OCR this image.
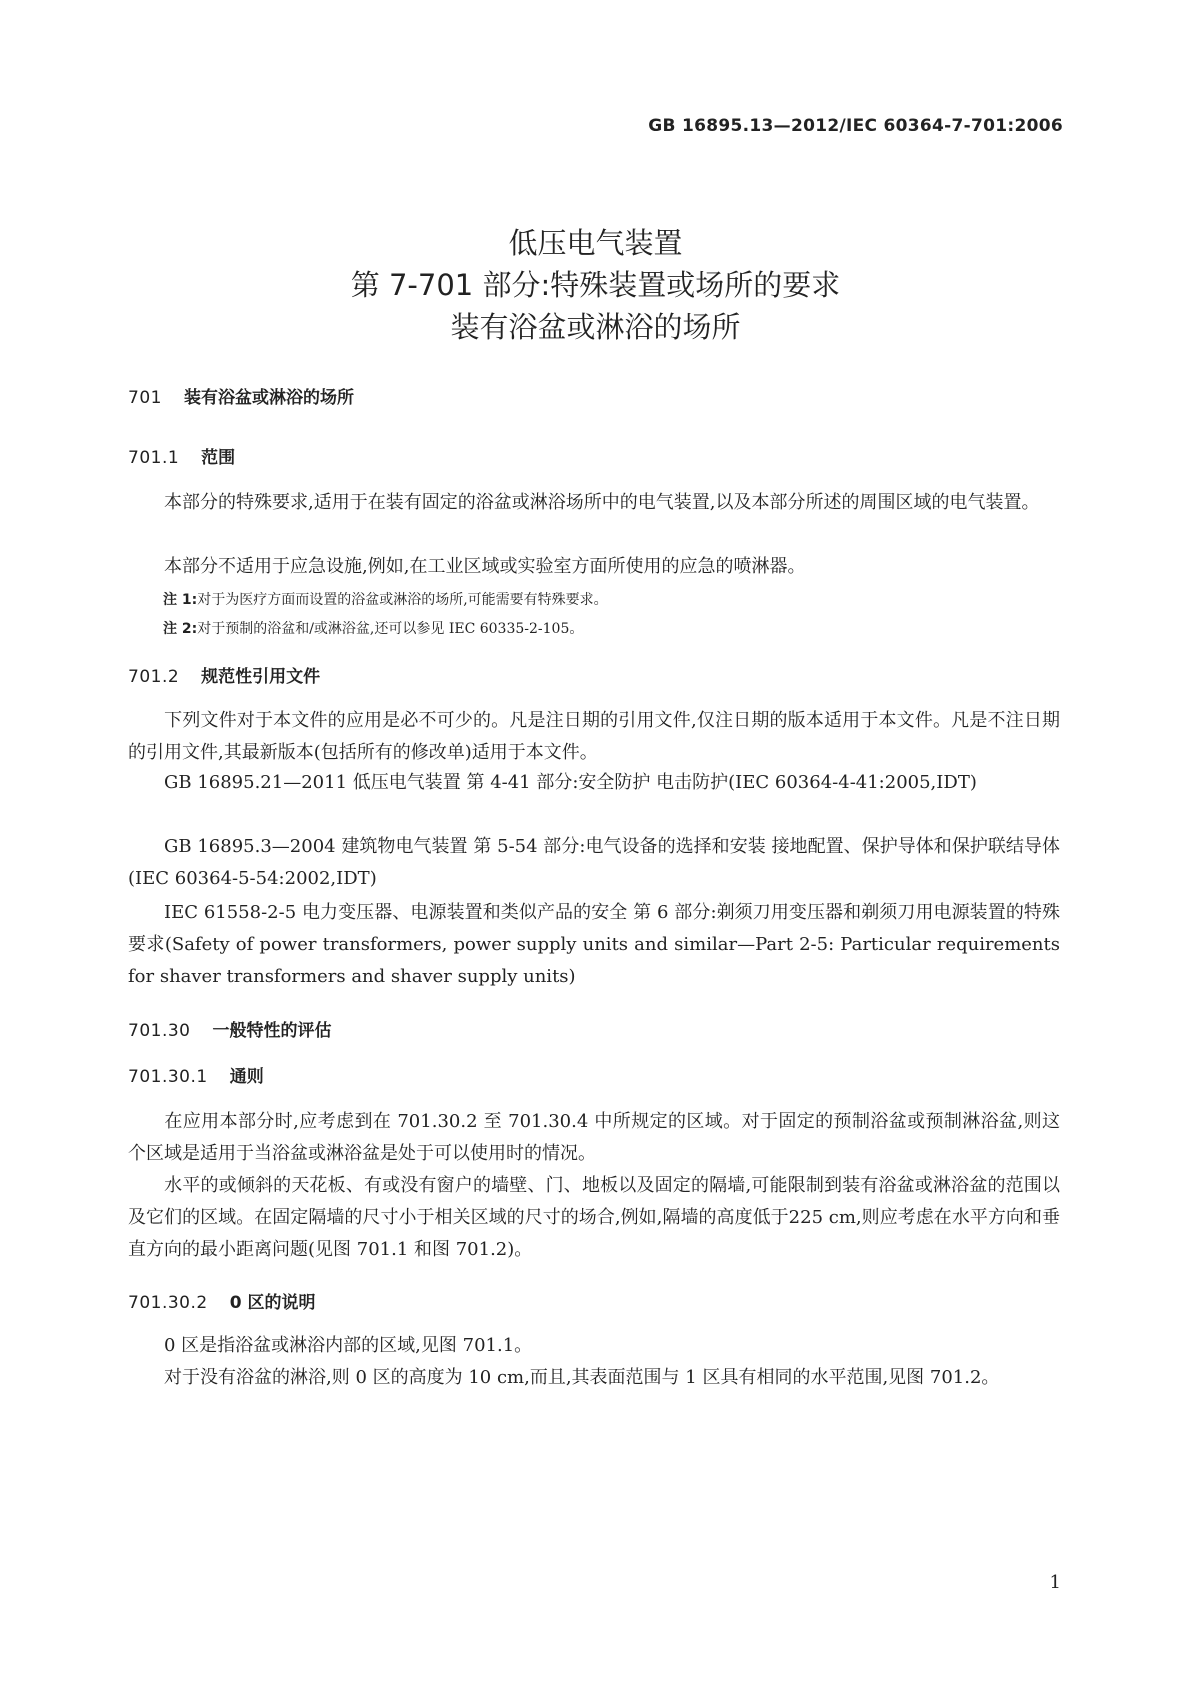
GB 16895.13—2012/IEC 60364-7-701:2006
低压电气装置
第 7-701 部分:特殊装置或场所的要求
装有浴盆或淋浴的场所
701 装有浴盆或淋浴的场所
701.1 范围
本部分的特殊要求,适用于在装有固定的浴盆或淋浴场所中的电气装置,以及本部分所述的周围区域的电气装置。
本部分不适用于应急设施,例如,在工业区域或实验室方面所使用的应急的喷淋器。
注 1:对于为医疗方面而设置的浴盆或淋浴的场所,可能需要有特殊要求。
注 2:对于预制的浴盆和/或淋浴盆,还可以参见 IEC 60335-2-105。
701.2 规范性引用文件
下列文件对于本文件的应用是必不可少的。凡是注日期的引用文件,仅注日期的版本适用于本文件。凡是不注日期的引用文件,其最新版本(包括所有的修改单)适用于本文件。
GB 16895.21—2011 低压电气装置 第 4-41 部分:安全防护 电击防护(IEC 60364-4-41:2005,IDT)
GB 16895.3—2004 建筑物电气装置 第 5-54 部分:电气设备的选择和安装 接地配置、保护导体和保护联结导体(IEC 60364-5-54:2002,IDT)
IEC 61558-2-5 电力变压器、电源装置和类似产品的安全 第 6 部分:剃须刀用变压器和剃须刀用电源装置的特殊要求(Safety of power transformers, power supply units and similar—Part 2-5: Particular requirements for shaver transformers and shaver supply units)
701.30 一般特性的评估
701.30.1 通则
在应用本部分时,应考虑到在 701.30.2 至 701.30.4 中所规定的区域。对于固定的预制浴盆或预制淋浴盆,则这个区域是适用于当浴盆或淋浴盆是处于可以使用时的情况。
水平的或倾斜的天花板、有或没有窗户的墙壁、门、地板以及固定的隔墙,可能限制到装有浴盆或淋浴盆的范围以及它们的区域。在固定隔墙的尺寸小于相关区域的尺寸的场合,例如,隔墙的高度低于225 cm,则应考虑在水平方向和垂直方向的最小距离问题(见图 701.1 和图 701.2)。
701.30.2 0 区的说明
0 区是指浴盆或淋浴内部的区域,见图 701.1。
对于没有浴盆的淋浴,则 0 区的高度为 10 cm,而且,其表面范围与 1 区具有相同的水平范围,见图 701.2。
1
